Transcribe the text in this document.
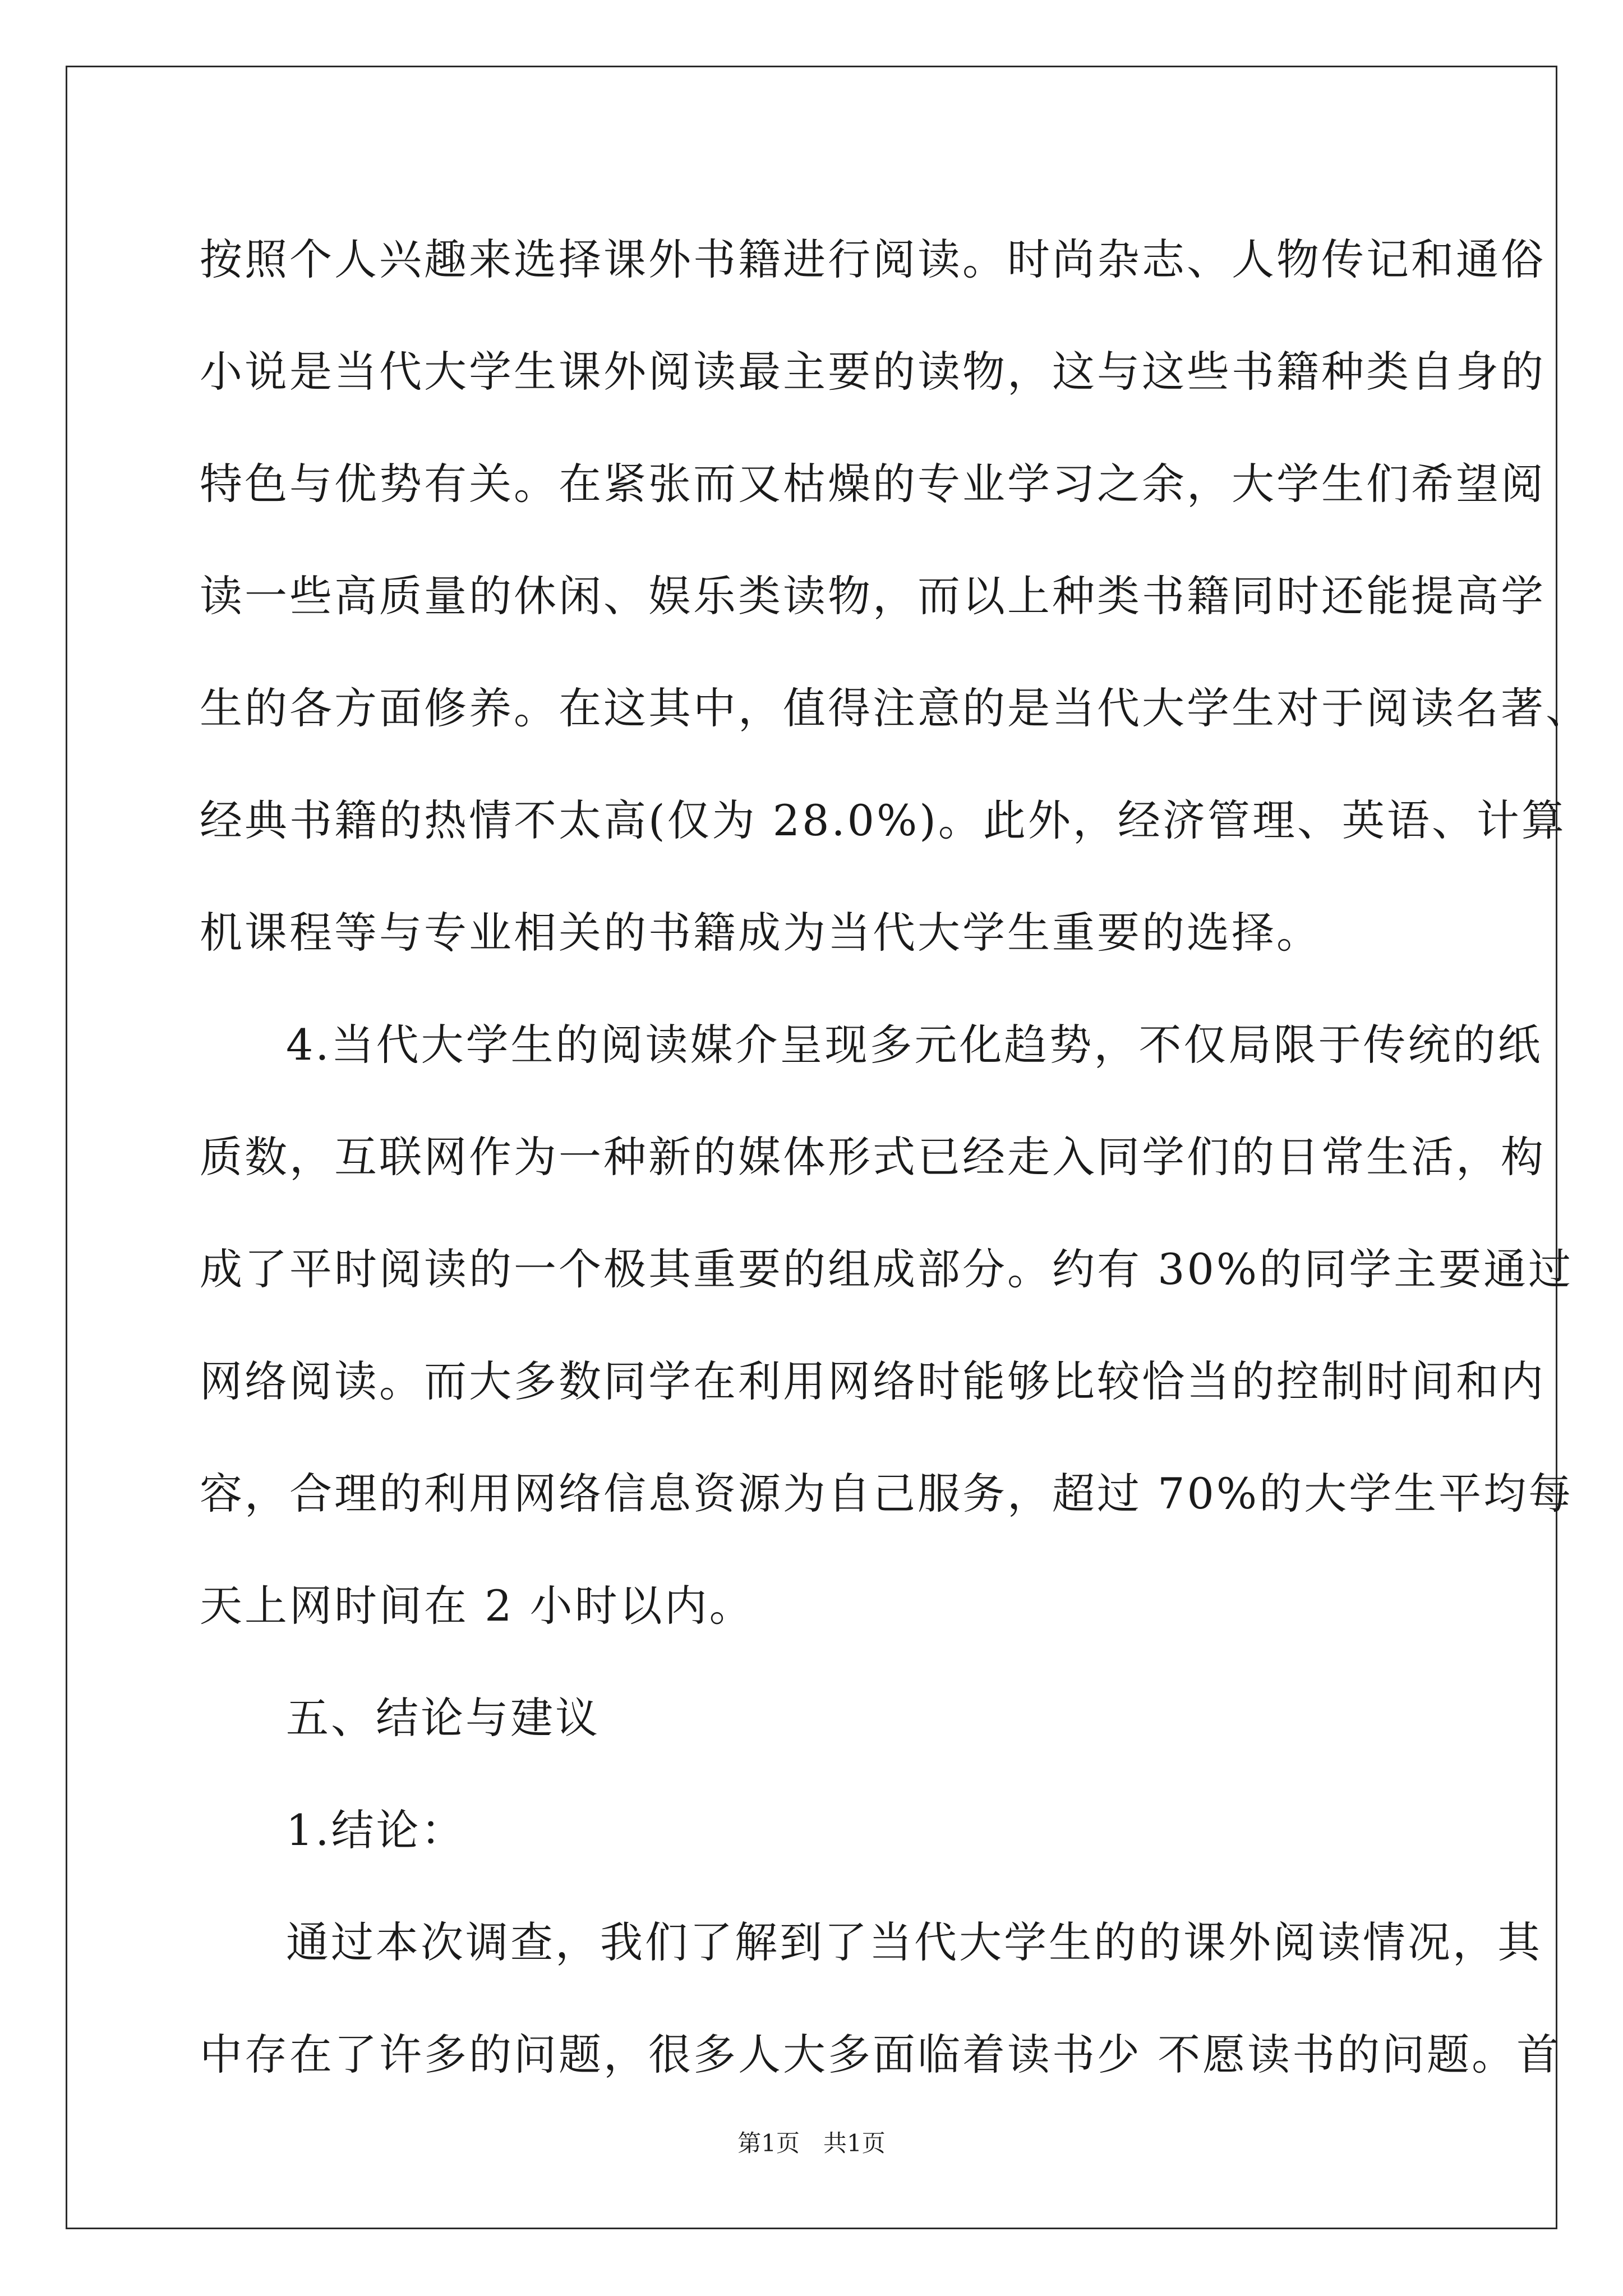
按照个人兴趣来选择课外书籍进行阅读。时尚杂志、人物传记和通俗
小说是当代大学生课外阅读最主要的读物，这与这些书籍种类自身的
特色与优势有关。在紧张而又枯燥的专业学习之余，大学生们希望阅
读一些高质量的休闲、娱乐类读物，而以上种类书籍同时还能提高学
生的各方面修养。在这其中，值得注意的是当代大学生对于阅读名著、
经典书籍的热情不太高(仅为 28.0%)。此外，经济管理、英语、计算
机课程等与专业相关的书籍成为当代大学生重要的选择。
4.当代大学生的阅读媒介呈现多元化趋势，不仅局限于传统的纸
质数，互联网作为一种新的媒体形式已经走入同学们的日常生活，构
成了平时阅读的一个极其重要的组成部分。约有 30%的同学主要通过
网络阅读。而大多数同学在利用网络时能够比较恰当的控制时间和内
容，合理的利用网络信息资源为自己服务，超过 70%的大学生平均每
天上网时间在 2 小时以内。
五、结论与建议
1.结论：
通过本次调查，我们了解到了当代大学生的的课外阅读情况，其
中存在了许多的问题，很多人大多面临着读书少 不愿读书的问题。首
第1页　共1页
